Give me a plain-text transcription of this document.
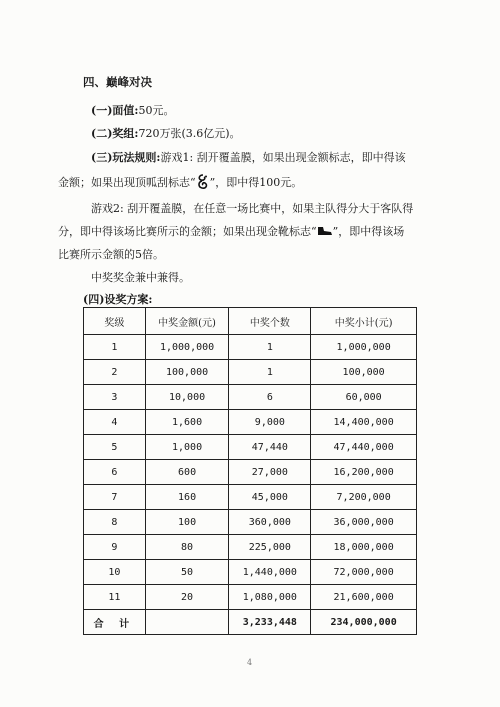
四、巅峰对决
(一)面值:50元。
(二)奖组:720万张(3.6亿元)。
(三)玩法规则:游戏1: 刮开覆盖膜，如果出现金额标志，即中得该
金额；如果出现顶呱刮标志“ ”，即中得100元。
游戏2: 刮开覆盖膜，在任意一场比赛中，如果主队得分大于客队得
分，即中得该场比赛所示的金额；如果出现金靴标志“ ”，即中得该场
比赛所示金额的5倍。
中奖奖金兼中兼得。
(四)设奖方案:
奖级	中奖金额(元)	中奖个数	中奖小计(元)
1	1,000,000	1	1,000,000
2	100,000	1	100,000
3	10,000	6	60,000
4	1,600	9,000	14,400,000
5	1,000	47,440	47,440,000
6	600	27,000	16,200,000
7	160	45,000	7,200,000
8	100	360,000	36,000,000
9	80	225,000	18,000,000
10	50	1,440,000	72,000,000
11	20	1,080,000	21,600,000
合 计		3,233,448	234,000,000
4
